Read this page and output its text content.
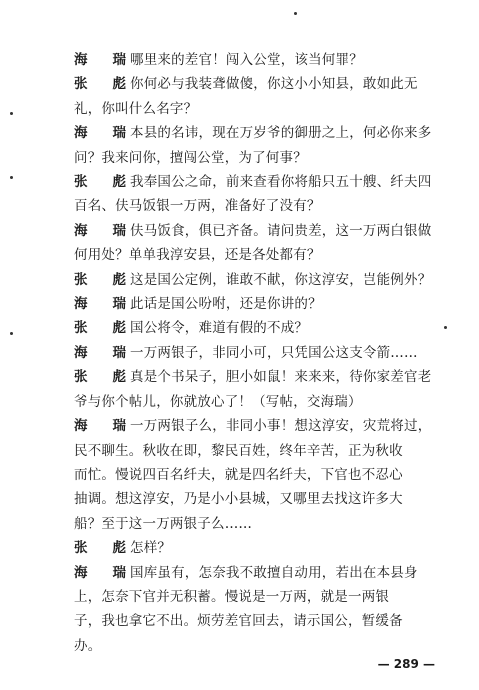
海 瑞 哪里来的差官！闯入公堂，该当何罪？
张 彪 你何必与我装聋做傻，你这小小知县，敢如此无
礼，你叫什么名字？
海 瑞 本县的名讳，现在万岁爷的御册之上，何必你来多
问？我来问你，擅闯公堂，为了何事？
张 彪 我奉国公之命，前来查看你将船只五十艘、纤夫四
百名、伕马饭银一万两，准备好了没有？
海 瑞 伕马饭食，俱已齐备。请问贵差，这一万两白银做
何用处？单单我淳安县，还是各处都有？
张 彪 这是国公定例，谁敢不献，你这淳安，岂能例外？
海 瑞 此话是国公吩咐，还是你讲的？
张 彪 国公将令，难道有假的不成？
海 瑞 一万两银子，非同小可，只凭国公这支令箭……
张 彪 真是个书呆子，胆小如鼠！来来来，待你家差官老
爷与你个帖儿，你就放心了！（写帖，交海瑞）
海 瑞 一万两银子么，非同小事！想这淳安，灾荒将过，
民不聊生。秋收在即，黎民百姓，终年辛苦，正为秋收
而忙。慢说四百名纤夫，就是四名纤夫，下官也不忍心
抽调。想这淳安，乃是小小县城，又哪里去找这许多大
船？至于这一万两银子么……
张 彪 怎样？
海 瑞 国库虽有，怎奈我不敢擅自动用，若出在本县身
上，怎奈下官并无积蓄。慢说是一万两，就是一两银
子，我也拿它不出。烦劳差官回去，请示国公，暂缓备
办。
— 289 —
